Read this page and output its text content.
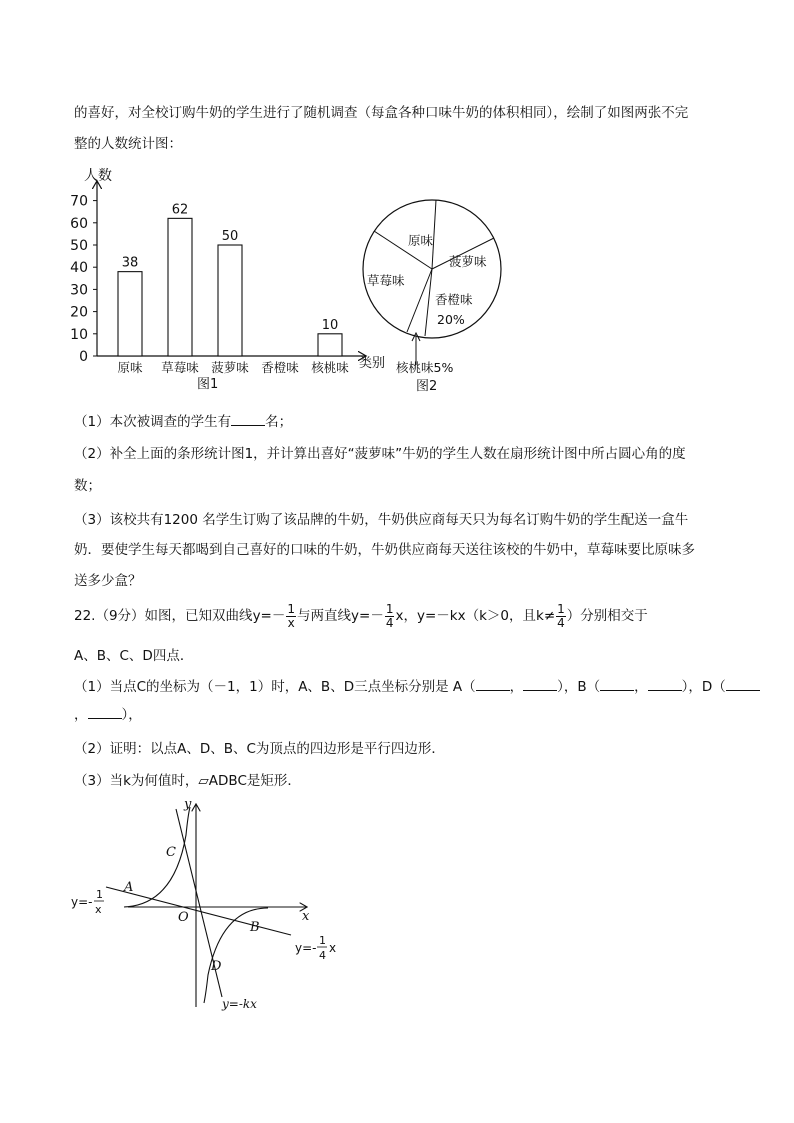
的喜好，对全校订购牛奶的学生进行了随机调查（每盒各种口味牛奶的体积相同），绘制了如图两张不完
整的人数统计图：
0
10
20
30
40
50
60
70
38
原味
62
草莓味
50
菠萝味 香橙味
10
核桃味
人数
类别
图1
原味
菠萝味
香橙味
20%
草莓味
核桃味5%
图2
（1）本次被调查的学生有	名；
（2）补全上面的条形统计图1，并计算出喜好“菠萝味”牛奶的学生人数在扇形统计图中所占圆心角的度
数；
（3）该校共有1200 名学生订购了该品牌的牛奶，牛奶供应商每天只为每名订购牛奶的学生配送一盒牛
奶．要使学生每天都喝到自己喜好的口味的牛奶，牛奶供应商每天送往该校的牛奶中，草莓味要比原味多
送多少盒？
22.（9分）如图，已知双曲线$y=- \frac{1}{x}$ 与两直线$y=- \frac{1}{4}$ x，y=－kx（k＞0，且$k\ne \frac{1}{4}$ ）分别相交于
A、B、C、D四点．
（1）当点C的坐标为（－1，1）时，A、B、D三点坐标分别是 A（	，	），B（	，	），D（
，	），
（2）证明：以点A、D、B、C为顶点的四边形是平行四边形．
（3）当k为何值时，▱ADBC是矩形．
y
x
O
A
B
C
D
y=-
1
x
y=-
1
4
x
y=-kx
